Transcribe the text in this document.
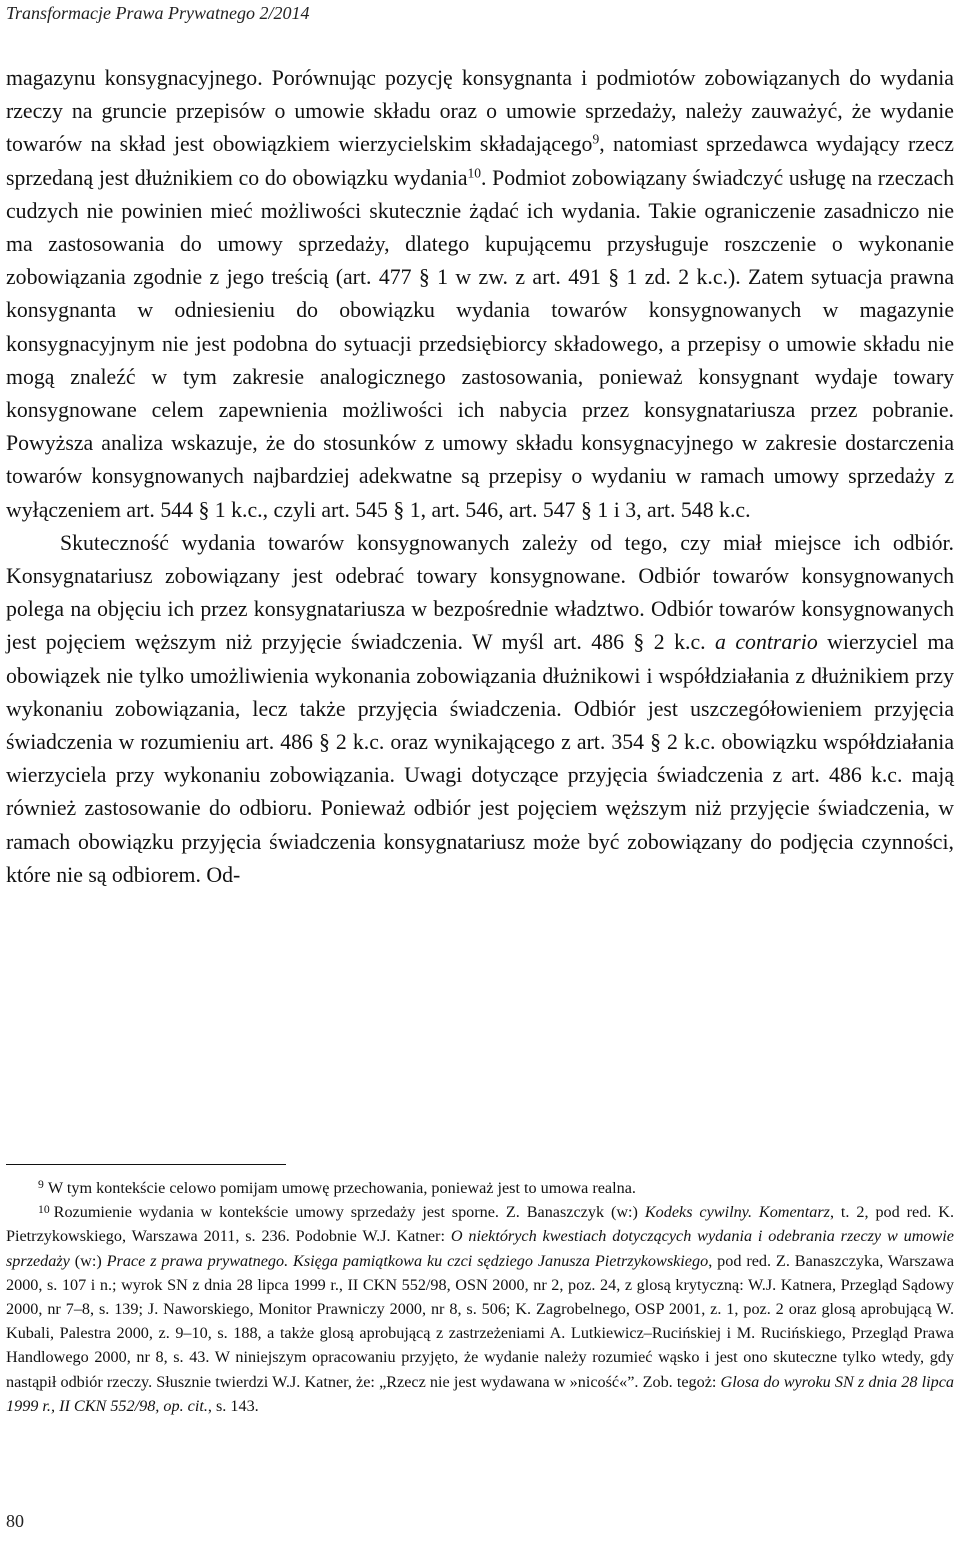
Transformacje Prawa Prywatnego 2/2014

magazynu konsygnacyjnego. Porównując pozycję konsygnanta i podmiotów zobowiązanych do wydania rzeczy na gruncie przepisów o umowie składu oraz o umowie sprzedaży, należy zauważyć, że wydanie towarów na skład jest obowiązkiem wierzycielskim składającego$^9$, natomiast sprzedawca wydający rzecz sprzedaną jest dłużnikiem co do obowiązku wydania$^{10}$. Podmiot zobowiązany świadczyć usługę na rzeczach cudzych nie powinien mieć możliwości skutecznie żądać ich wydania. Takie ograniczenie zasadniczo nie ma zastosowania do umowy sprzedaży, dlatego kupującemu przysługuje roszczenie o wykonanie zobowiązania zgodnie z jego treścią (art. 477 § 1 w zw. z art. 491 § 1 zd. 2 k.c.). Zatem sytuacja prawna konsygnanta w odniesieniu do obowiązku wydania towarów konsygnowanych w magazynie konsygnacyjnym nie jest podobna do sytuacji przedsiębiorcy składowego, a przepisy o umowie składu nie mogą znaleźć w tym zakresie analogicznego zastosowania, ponieważ konsygnant wydaje towary konsygnowane celem zapewnienia możliwości ich nabycia przez konsygnatariusza przez pobranie. Powyższa analiza wskazuje, że do stosunków z umowy składu konsygnacyjnego w zakresie dostarczenia towarów konsygnowanych najbardziej adekwatne są przepisy o wydaniu w ramach umowy sprzedaży z wyłączeniem art. 544 § 1 k.c., czyli art. 545 § 1, art. 546, art. 547 § 1 i 3, art. 548 k.c.

Skuteczność wydania towarów konsygnowanych zależy od tego, czy miał miejsce ich odbiór. Konsygnatariusz zobowiązany jest odebrać towary konsygnowane. Odbiór towarów konsygnowanych polega na objęciu ich przez konsygnatariusza w bezpośrednie władztwo. Odbiór towarów konsygnowanych jest pojęciem węższym niż przyjęcie świadczenia. W myśl art. 486 § 2 k.c. a contrario wierzyciel ma obowiązek nie tylko umożliwienia wykonania zobowiązania dłużnikowi i współdziałania z dłużnikiem przy wykonaniu zobowiązania, lecz także przyjęcia świadczenia. Odbiór jest uszczegółowieniem przyjęcia świadczenia w rozumieniu art. 486 § 2 k.c. oraz wynikającego z art. 354 § 2 k.c. obowiązku współdziałania wierzyciela przy wykonaniu zobowiązania. Uwagi dotyczące przyjęcia świadczenia z art. 486 k.c. mają również zastosowanie do odbioru. Ponieważ odbiór jest pojęciem węższym niż przyjęcie świadczenia, w ramach obowiązku przyjęcia świadczenia konsygnatariusz może być zobowiązany do podjęcia czynności, które nie są odbiorem. Od-

$^9$ W tym kontekście celowo pomijam umowę przechowania, ponieważ jest to umowa realna.

$^{10}$ Rozumienie wydania w kontekście umowy sprzedaży jest sporne. Z. Banaszczyk (w:) Kodeks cywilny. Komentarz, t. 2, pod red. K. Pietrzykowskiego, Warszawa 2011, s. 236. Podobnie W.J. Katner: O niektórych kwestiach dotyczących wydania i odebrania rzeczy w umowie sprzedaży (w:) Prace z prawa prywatnego. Księga pamiątkowa ku czci sędziego Janusza Pietrzykowskiego, pod red. Z. Banaszczyka, Warszawa 2000, s. 107 i n.; wyrok SN z dnia 28 lipca 1999 r., II CKN 552/98, OSN 2000, nr 2, poz. 24, z glosą krytyczną: W.J. Katnera, Przegląd Sądowy 2000, nr 7–8, s. 139; J. Naworskiego, Monitor Prawniczy 2000, nr 8, s. 506; K. Zagrobelnego, OSP 2001, z. 1, poz. 2 oraz glosą aprobującą W. Kubali, Palestra 2000, z. 9–10, s. 188, a także glosą aprobującą z zastrzeżeniami A. Lutkiewicz–Rucińskiej i M. Rucińskiego, Przegląd Prawa Handlowego 2000, nr 8, s. 43. W niniejszym opracowaniu przyjęto, że wydanie należy rozumieć wąsko i jest ono skuteczne tylko wtedy, gdy nastąpił odbiór rzeczy. Słusznie twierdzi W.J. Katner, że: „Rzecz nie jest wydawana w »nicość«”. Zob. tegoż: Glosa do wyroku SN z dnia 28 lipca 1999 r., II CKN 552/98, op. cit., s. 143.

80
